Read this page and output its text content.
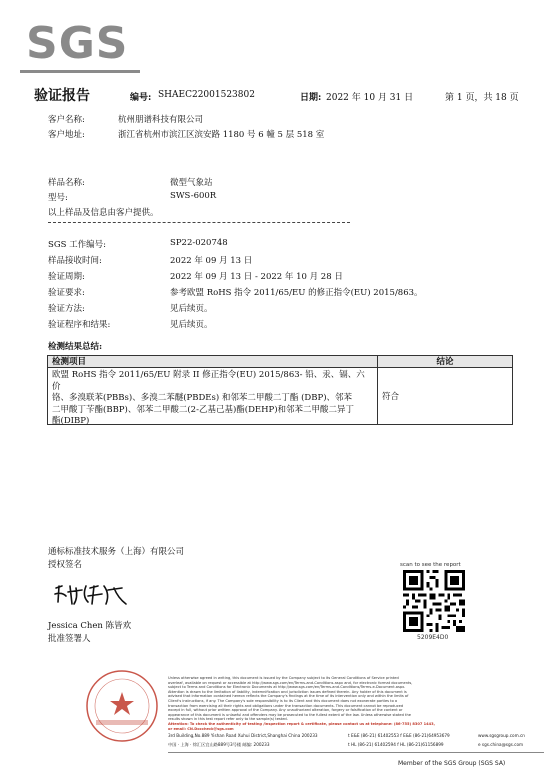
SGS
验证报告	编号: SHAEC22001523802	日期: 2022 年 10 月 31 日	第 1 页，共 18 页
客户名称:	杭州朋谱科技有限公司
客户地址:	浙江省杭州市滨江区滨安路 1180 号 6 幢 5 层 518 室
样品名称:	微型气象站
型号:	SWS-600R
以上样品及信息由客户提供。
SGS 工作编号:	SP22-020748
样品接收时间:	2022 年 09 月 13 日
验证周期:	2022 年 09 月 13 日 - 2022 年 10 月 28 日
验证要求:	参考欧盟 RoHS 指令 2011/65/EU 的修正指令(EU) 2015/863。
验证方法:	见后续页。
验证程序和结果:	见后续页。
检测结果总结:
检测项目	结论
欧盟 RoHS 指令 2011/65/EU 附录 II 修正指令(EU) 2015/863- 铅、汞、镉、六价
铬、多溴联苯(PBBs)、多溴二苯醚(PBDEs) 和邻苯二甲酸二丁酯 (DBP)、邻苯
二甲酸丁苄酯(BBP)、邻苯二甲酸二(2-乙基己基)酯(DEHP)和邻苯二甲酸二异丁
酯(DIBP)
符合
通标标准技术服务（上海）有限公司
授权签名
Jessica Chen 陈皆欢
批准签署人
scan to see the report
5209E4D0
Unless otherwise agreed in writing, this document is issued by the Company subject to its General Conditions of Service printed
overleaf, available on request or accessible at http://www.sgs.com/en/Terms-and-Conditions.aspx and, for electronic format documents,
subject to Terms and Conditions for Electronic Documents at http://www.sgs.com/en/Terms-and-Conditions/Terms-e-Document.aspx.
Attention is drawn to the limitation of liability, indemnification and jurisdiction issues defined therein. Any holder of this document is
advised that information contained hereon reflects the Company's findings at the time of its intervention only and within the limits of
Client's instructions, if any. The Company's sole responsibility is to its Client and this document does not exonerate parties to a
transaction from exercising all their rights and obligations under the transaction documents. This document cannot be reproduced
except in full, without prior written approval of the Company. Any unauthorized alteration, forgery or falsification of the content or
appearance of this document is unlawful and offenders may be prosecuted to the fullest extent of the law. Unless otherwise stated the
results shown in this test report refer only to the sample(s) tested.
Attention: To check the authenticity of testing /inspection report & certificate, please contact us at telephone: (86-755) 8307 1443,
or email: CN.Doccheck@sgs.com
3rd Building,No.889 Yishan Road Xuhui District,Shanghai China 200233	t E&E (86-21) 61402553 f E&E (86-21)64953679	www.sgsgroup.com.cn
中国 · 上海 · 徐汇区宜山路889号3号楼 邮编: 200233	t HL (86-21) 61402594 f HL (86-21)61156899	e sgs.china@sgs.com
Member of the SGS Group (SGS SA)
